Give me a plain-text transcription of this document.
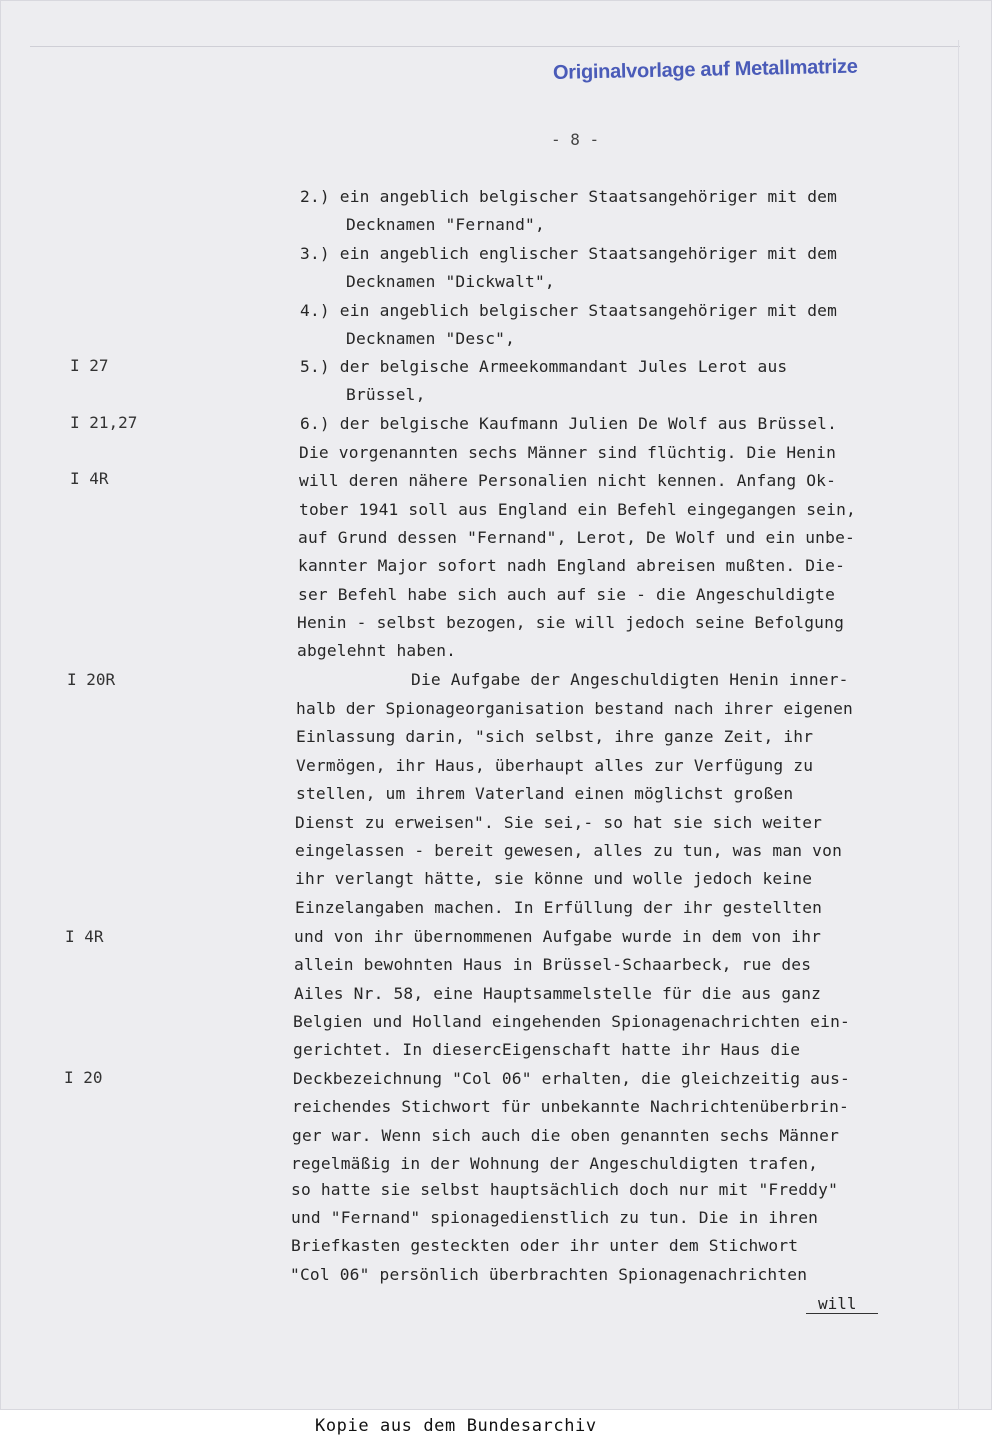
Originalvorlage auf Metallmatrize
- 8 -
I 27
I 21,27
I 4R
I 20R
I 4R
I 20
2.) ein angeblich belgischer Staatsangehöriger mit dem
Decknamen "Fernand",
3.) ein angeblich englischer Staatsangehöriger mit dem
Decknamen "Dickwalt",
4.) ein angeblich belgischer Staatsangehöriger mit dem
Decknamen "Desc",
5.) der belgische Armeekommandant Jules Lerot aus
Brüssel,
6.) der belgische Kaufmann Julien De Wolf aus Brüssel.
Die vorgenannten sechs Männer sind flüchtig. Die Henin
will deren nähere Personalien nicht kennen. Anfang Ok-
tober 1941 soll aus England ein Befehl eingegangen sein,
auf Grund dessen "Fernand", Lerot, De Wolf und ein unbe-
kannter Major sofort nadh England abreisen mußten. Die-
ser Befehl habe sich auch auf sie - die Angeschuldigte
Henin - selbst bezogen, sie will jedoch seine Befolgung
abgelehnt haben.
Die Aufgabe der Angeschuldigten Henin inner-
halb der Spionageorganisation bestand nach ihrer eigenen
Einlassung darin, "sich selbst, ihre ganze Zeit, ihr
Vermögen, ihr Haus, überhaupt alles zur Verfügung zu
stellen, um ihrem Vaterland einen möglichst großen
Dienst zu erweisen". Sie sei,- so hat sie sich weiter
eingelassen - bereit gewesen, alles zu tun, was man von
ihr verlangt hätte, sie könne und wolle jedoch keine
Einzelangaben machen. In Erfüllung der ihr gestellten
und von ihr übernommenen Aufgabe wurde in dem von ihr
allein bewohnten Haus in Brüssel-Schaarbeck, rue des
Ailes Nr. 58, eine Hauptsammelstelle für die aus ganz
Belgien und Holland eingehenden Spionagenachrichten ein-
gerichtet. In diesercEigenschaft hatte ihr Haus die
Deckbezeichnung "Col 06" erhalten, die gleichzeitig aus-
reichendes Stichwort für unbekannte Nachrichtenüberbrin-
ger war. Wenn sich auch die oben genannten sechs Männer
regelmäßig in der Wohnung der Angeschuldigten trafen,
so hatte sie selbst hauptsächlich doch nur mit "Freddy"
und "Fernand" spionagedienstlich zu tun. Die in ihren
Briefkasten gesteckten oder ihr unter dem Stichwort
"Col 06" persönlich überbrachten Spionagenachrichten
will
Kopie aus dem Bundesarchiv
